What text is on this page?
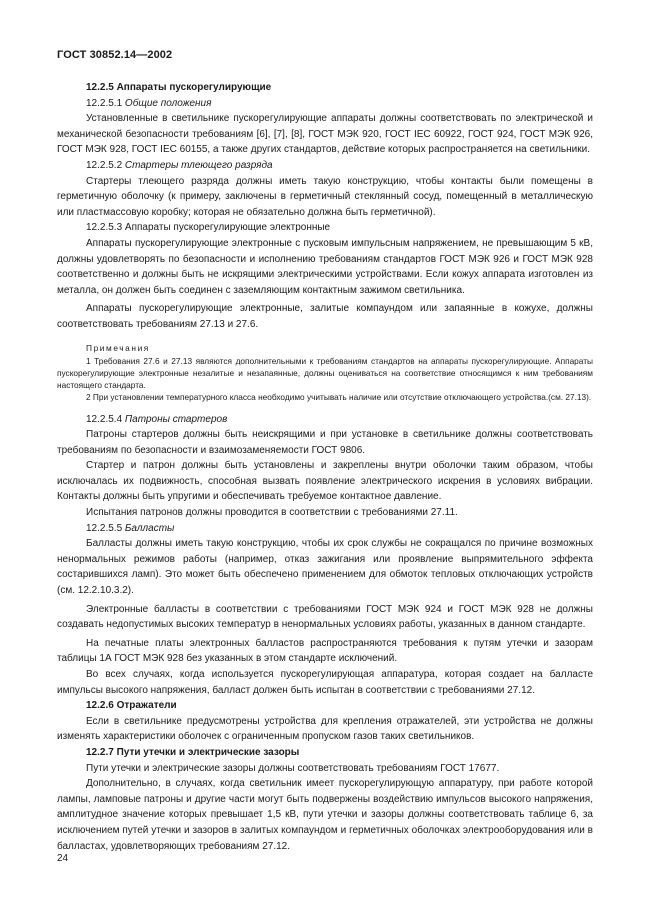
ГОСТ 30852.14—2002

12.2.5 Аппараты пускорегулирующие

12.2.5.1 Общие положения

Установленные в светильнике пускорегулирующие аппараты должны соответствовать по электрической и механической безопасности требованиям [6], [7], [8], ГОСТ МЭК 920, ГОСТ IEC 60922, ГОСТ 924, ГОСТ МЭК 926, ГОСТ МЭК 928, ГОСТ IEC 60155, а также других стандартов, действие которых распространяется на светильники.

12.2.5.2 Стартеры тлеющего разряда

Стартеры тлеющего разряда должны иметь такую конструкцию, чтобы контакты были помещены в герметичную оболочку (к примеру, заключены в герметичный стеклянный сосуд, помещенный в металлическую или пластмассовую коробку; которая не обязательно должна быть герметичной).

12.2.5.3 Аппараты пускорегулирующие электронные

Аппараты пускорегулирующие электронные с пусковым импульсным напряжением, не превышающим 5 кВ, должны удовлетворять по безопасности и исполнению требованиям стандартов ГОСТ МЭК 926 и ГОСТ МЭК 928 соответственно и должны быть не искрящими электрическими устройствами. Если кожух аппарата изготовлен из металла, он должен быть соединен с заземляющим контактным зажимом светильника.

Аппараты пускорегулирующие электронные, залитые компаундом или запаянные в кожухе, должны соответствовать требованиям 27.13 и 27.6.

Примечания

1 Требования 27.6 и 27.13 являются дополнительными к требованиям стандартов на аппараты пускорегулирующие. Аппараты пускорегулирующие электронные незалитые и незапаянные, должны оцениваться на соответствие относящимся к ним требованиям настоящего стандарта.

2 При установлении температурного класса необходимо учитывать наличие или отсутствие отключающего устройства.(см. 27.13).

12.2.5.4 Патроны стартеров

Патроны стартеров должны быть неискрящими и при установке в светильнике должны соответствовать требованиям по безопасности и взаимозаменяемости ГОСТ 9806.

Стартер и патрон должны быть установлены и закреплены внутри оболочки таким образом, чтобы исключалась их подвижность, способная вызвать появление электрического искрения в условиях вибрации. Контакты должны быть упругими и обеспечивать требуемое контактное давление.

Испытания патронов должны проводится в соответствии с требованиями 27.11.

12.2.5.5 Балласты

Балласты должны иметь такую конструкцию, чтобы их срок службы не сокращался по причине возможных ненормальных режимов работы (например, отказ зажигания или проявление выпрямительного эффекта состарившихся ламп). Это может быть обеспечено применением для обмоток тепловых отключающих устройств (см. 12.2.10.3.2).

Электронные балласты в соответствии с требованиями ГОСТ МЭК 924 и ГОСТ МЭК 928 не должны создавать недопустимых высоких температур в ненормальных условиях работы, указанных в данном стандарте.

На печатные платы электронных балластов распространяются требования к путям утечки и зазорам таблицы 1А ГОСТ МЭК 928 без указанных в этом стандарте исключений.

Во всех случаях, когда используется пускорегулирующая аппаратура, которая создает на балласте импульсы высокого напряжения, балласт должен быть испытан в соответствии с требованиями 27.12.

12.2.6 Отражатели

Если в светильнике предусмотрены устройства для крепления отражателей, эти устройства не должны изменять характеристики оболочек с ограниченным пропуском газов таких светильников.

12.2.7 Пути утечки и электрические зазоры

Пути утечки и электрические зазоры должны соответствовать требованиям ГОСТ 17677.

Дополнительно, в случаях, когда светильник имеет пускорегулирующую аппаратуру, при работе которой лампы, ламповые патроны и другие части могут быть подвержены воздействию импульсов высокого напряжения, амплитудное значение которых превышает 1,5 кВ, пути утечки и зазоры должны соответствовать таблице 6, за исключением путей утечки и зазоров в залитых компаундом и герметичных оболочках электрооборудования или в балластах, удовлетворяющих требованиям 27.12.

24
